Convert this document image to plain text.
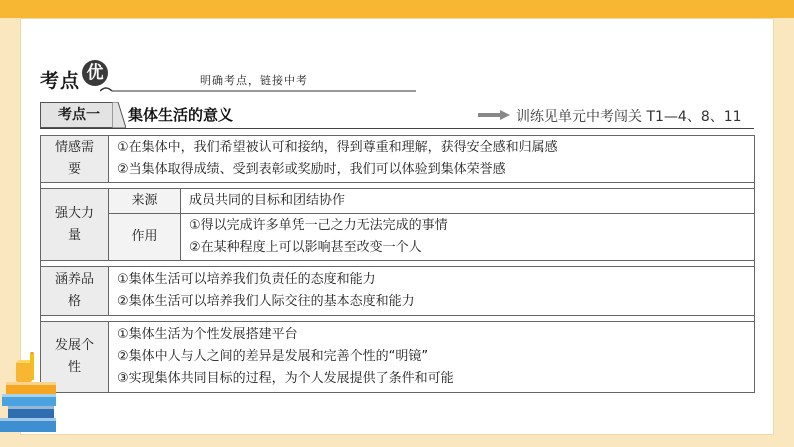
考点 优	明确考点，链接中考
考点一	集体生活的意义	训练见单元中考闯关 T1—4、8、11
情感需要	①在集体中，我们希望被认可和接纳，得到尊重和理解，获得安全感和归属感
②当集体取得成绩、受到表彰或奖励时，我们可以体验到集体荣誉感	

强大力量	来源	成员共同的目标和团结协作

	作用	①得以完成许多单凭一己之力无法完成的事情
②在某种程度上可以影响甚至改变一个人

涵养品格	①集体生活可以培养我们负责任的态度和能力
②集体生活可以培养我们人际交往的基本态度和能力	

发展个性	①集体生活为个性发展搭建平台
②集体中人与人之间的差异是发展和完善个性的“明镜”
③实现集体共同目标的过程，为个人发展提供了条件和可能	
